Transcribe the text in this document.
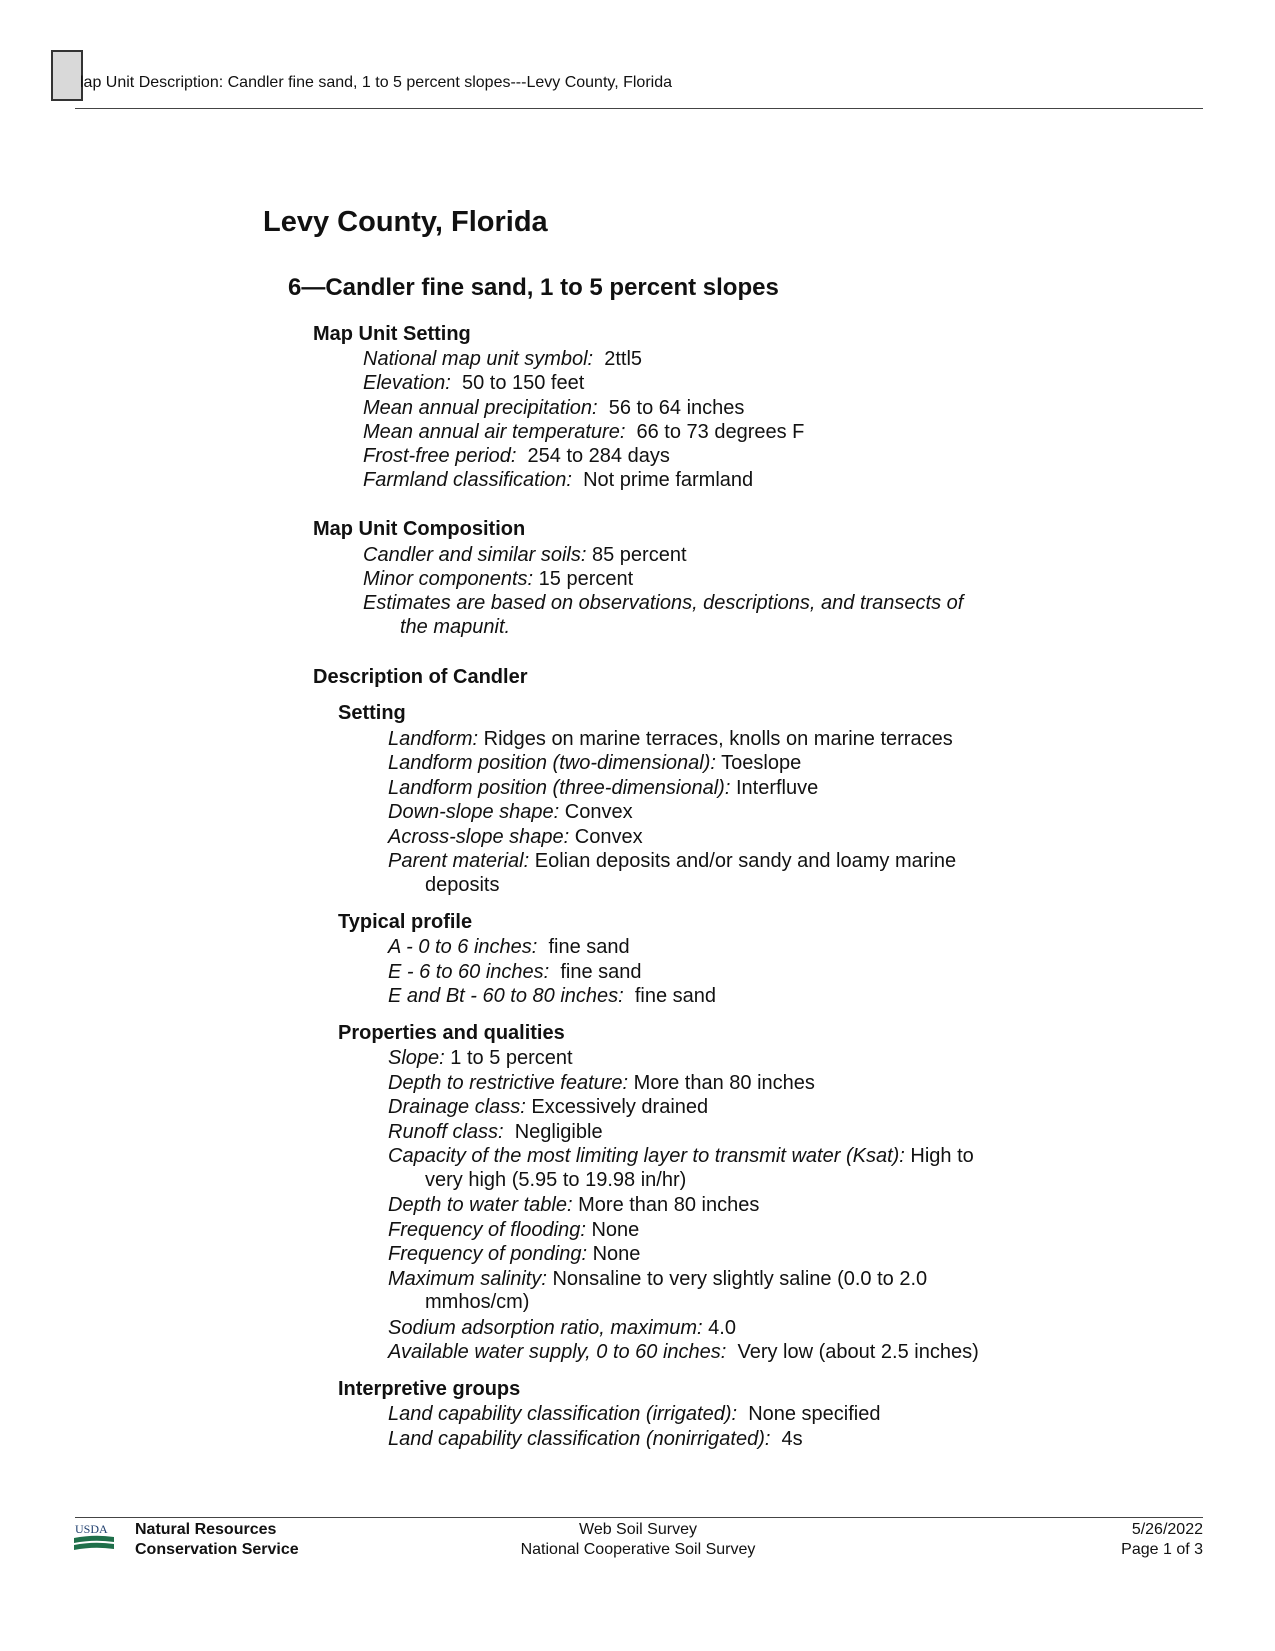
lap Unit Description: Candler fine sand, 1 to 5 percent slopes---Levy County, Florida
Levy County, Florida
6—Candler fine sand, 1 to 5 percent slopes
Map Unit Setting
National map unit symbol: 2ttl5
Elevation: 50 to 150 feet
Mean annual precipitation: 56 to 64 inches
Mean annual air temperature: 66 to 73 degrees F
Frost-free period: 254 to 284 days
Farmland classification: Not prime farmland
Map Unit Composition
Candler and similar soils: 85 percent
Minor components: 15 percent
Estimates are based on observations, descriptions, and transects of
the mapunit.
Description of Candler
Setting
Landform: Ridges on marine terraces, knolls on marine terraces
Landform position (two-dimensional): Toeslope
Landform position (three-dimensional): Interfluve
Down-slope shape: Convex
Across-slope shape: Convex
Parent material: Eolian deposits and/or sandy and loamy marine
deposits
Typical profile
A - 0 to 6 inches: fine sand
E - 6 to 60 inches: fine sand
E and Bt - 60 to 80 inches: fine sand
Properties and qualities
Slope: 1 to 5 percent
Depth to restrictive feature: More than 80 inches
Drainage class: Excessively drained
Runoff class: Negligible
Capacity of the most limiting layer to transmit water (Ksat): High to
very high (5.95 to 19.98 in/hr)
Depth to water table: More than 80 inches
Frequency of flooding: None
Frequency of ponding: None
Maximum salinity: Nonsaline to very slightly saline (0.0 to 2.0
mmhos/cm)
Sodium adsorption ratio, maximum: 4.0
Available water supply, 0 to 60 inches: Very low (about 2.5 inches)
Interpretive groups
Land capability classification (irrigated): None specified
Land capability classification (nonirrigated): 4s
USDA Natural Resources
Conservation Service
Web Soil Survey
National Cooperative Soil Survey
5/26/2022
Page 1 of 3
